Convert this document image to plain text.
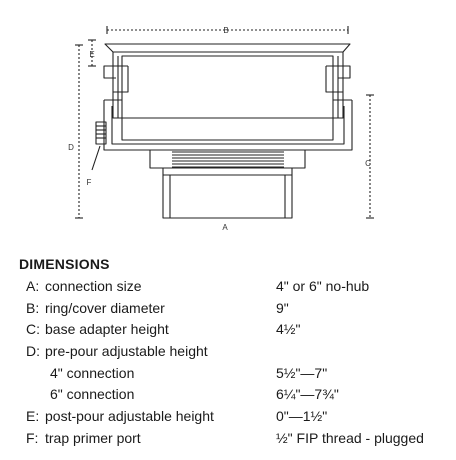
A
B
C
D
E
F
DIMENSIONS
A: connection size	4" or 6" no-hub
B: ring/cover diameter	9"
C: base adapter height	4½"
D: pre-pour adjustable height
4" connection	5½"—7"
6" connection	6¼"—7¾"
E: post-pour adjustable height	0"—1½"
F: trap primer port	½" FIP thread - plugged
